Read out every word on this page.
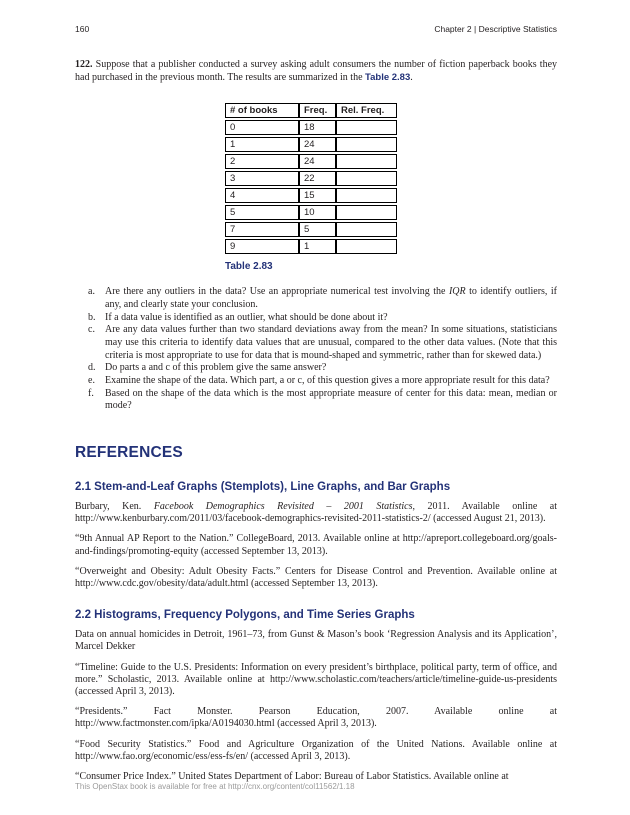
160	Chapter 2 | Descriptive Statistics

122. Suppose that a publisher conducted a survey asking adult consumers the number of fiction paperback books they had purchased in the previous month. The results are summarized in the Table 2.83.

# of books	Freq.	Rel. Freq.
0	18	
1	24	
2	24	
3	22	
4	15	
5	10	
7	5	
9	1	
Table 2.83
a.	Are there any outliers in the data? Use an appropriate numerical test involving the IQR to identify outliers, if any, and clearly state your conclusion.
b. If a data value is identified as an outlier, what should be done about it?
c.	Are any data values further than two standard deviations away from the mean? In some situations, statisticians may use this criteria to identify data values that are unusual, compared to the other data values. (Note that this criteria is most appropriate to use for data that is mound-shaped and symmetric, rather than for skewed data.)
d. Do parts a and c of this problem give the same answer?
e.	Examine the shape of the data. Which part, a or c, of this question gives a more appropriate result for this data?
f.	Based on the shape of the data which is the most appropriate measure of center for this data: mean, median or mode?
REFERENCES
2.1 Stem-and-Leaf Graphs (Stemplots), Line Graphs, and Bar Graphs

Burbary, Ken. Facebook Demographics Revisited – 2001 Statistics, 2011. Available online at http://www.kenburbary.com/2011/03/facebook-demographics-revisited-2011-statistics-2/ (accessed August 21, 2013).

“9th Annual AP Report to the Nation.” CollegeBoard, 2013. Available online at http://apreport.collegeboard.org/goals-and-findings/promoting-equity (accessed September 13, 2013).

“Overweight and Obesity: Adult Obesity Facts.” Centers for Disease Control and Prevention. Available online at http://www.cdc.gov/obesity/data/adult.html (accessed September 13, 2013).

2.2 Histograms, Frequency Polygons, and Time Series Graphs

Data on annual homicides in Detroit, 1961–73, from Gunst & Mason’s book ‘Regression Analysis and its Application’, Marcel Dekker

“Timeline: Guide to the U.S. Presidents: Information on every president’s birthplace, political party, term of office, and more.” Scholastic, 2013. Available online at http://www.scholastic.com/teachers/article/timeline-guide-us-presidents (accessed April 3, 2013).

“Presidents.” Fact Monster. Pearson Education, 2007. Available online at http://www.factmonster.com/ipka/A0194030.html (accessed April 3, 2013).

“Food Security Statistics.” Food and Agriculture Organization of the United Nations. Available online at http://www.fao.org/economic/ess/ess-fs/en/ (accessed April 3, 2013).

“Consumer Price Index.” United States Department of Labor: Bureau of Labor Statistics. Available online at

This OpenStax book is available for free at http://cnx.org/content/col11562/1.18
